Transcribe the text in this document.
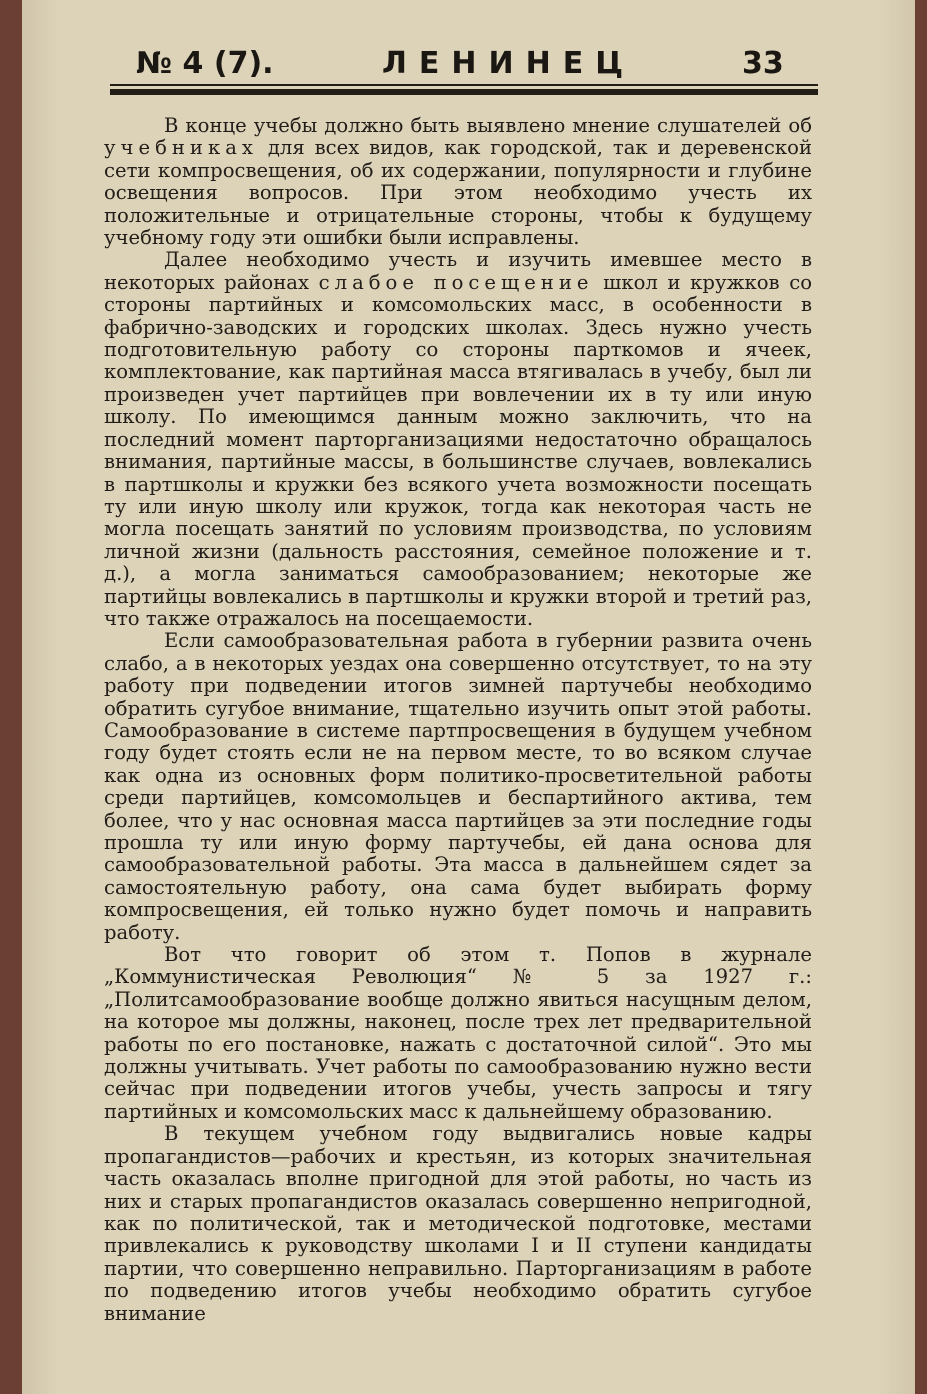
№ 4 (7).	ЛЕНИНЕЦ	33

В конце учебы должно быть выявлено мнение слушателей об учебниках для всех видов, как городской, так и деревенской сети компросвещения, об их содержании, популярности и глубине освещения вопросов. При этом необходимо учесть их положительные и отрицательные стороны, чтобы к будущему учебному году эти ошибки были исправлены.

Далее необходимо учесть и изучить имевшее место в некоторых районах слабое посещение школ и кружков со стороны партийных и комсомольских масс, в особенности в фабрично-заводских и городских школах. Здесь нужно учесть подготовительную работу со стороны парткомов и ячеек, комплектование, как партийная масса втягивалась в учебу, был ли произведен учет партийцев при вовлечении их в ту или иную школу. По имеющимся данным можно заключить, что на последний момент парторганизациями недостаточно обращалось внимания, партийные массы, в большинстве случаев, вовлекались в партшколы и кружки без всякого учета возможности посещать ту или иную школу или кружок, тогда как некоторая часть не могла посещать занятий по условиям производства, по условиям личной жизни (дальность расстояния, семейное положение и т. д.), а могла заниматься самообразованием; некоторые же партийцы вовлекались в партшколы и кружки второй и третий раз, что также отражалось на посещаемости.

Если самообразовательная работа в губернии развита очень слабо, а в некоторых уездах она совершенно отсутствует, то на эту работу при подведении итогов зимней партучебы необходимо обратить сугубое внимание, тщательно изучить опыт этой работы. Самообразование в системе партпросвещения в будущем учебном году будет стоять если не на первом месте, то во всяком случае как одна из основных форм политико-просветительной работы среди партийцев, комсомольцев и беспартийного актива, тем более, что у нас основная масса партийцев за эти последние годы прошла ту или иную форму партучебы, ей дана основа для самообразовательной работы. Эта масса в дальнейшем сядет за самостоятельную работу, она сама будет выбирать форму компросвещения, ей только нужно будет помочь и направить работу.

Вот что говорит об этом т. Попов в журнале „Коммунистическая Революция“ № 5 за 1927 г.: „Политсамообразование вообще должно явиться насущным делом, на которое мы должны, наконец, после трех лет предварительной работы по его постановке, нажать с достаточной силой“. Это мы должны учитывать. Учет работы по самообразованию нужно вести сейчас при подведении итогов учебы, учесть запросы и тягу партийных и комсомольских масс к дальнейшему образованию.

В текущем учебном году выдвигались новые кадры пропагандистов—рабочих и крестьян, из которых значительная часть оказалась вполне пригодной для этой работы, но часть из них и старых пропагандистов оказалась совершенно непригодной, как по политической, так и методической подготовке, местами привлекались к руководству школами I и II ступени кандидаты партии, что совершенно неправильно. Парторганизациям в работе по подведению итогов учебы необходимо обратить сугубое внимание
